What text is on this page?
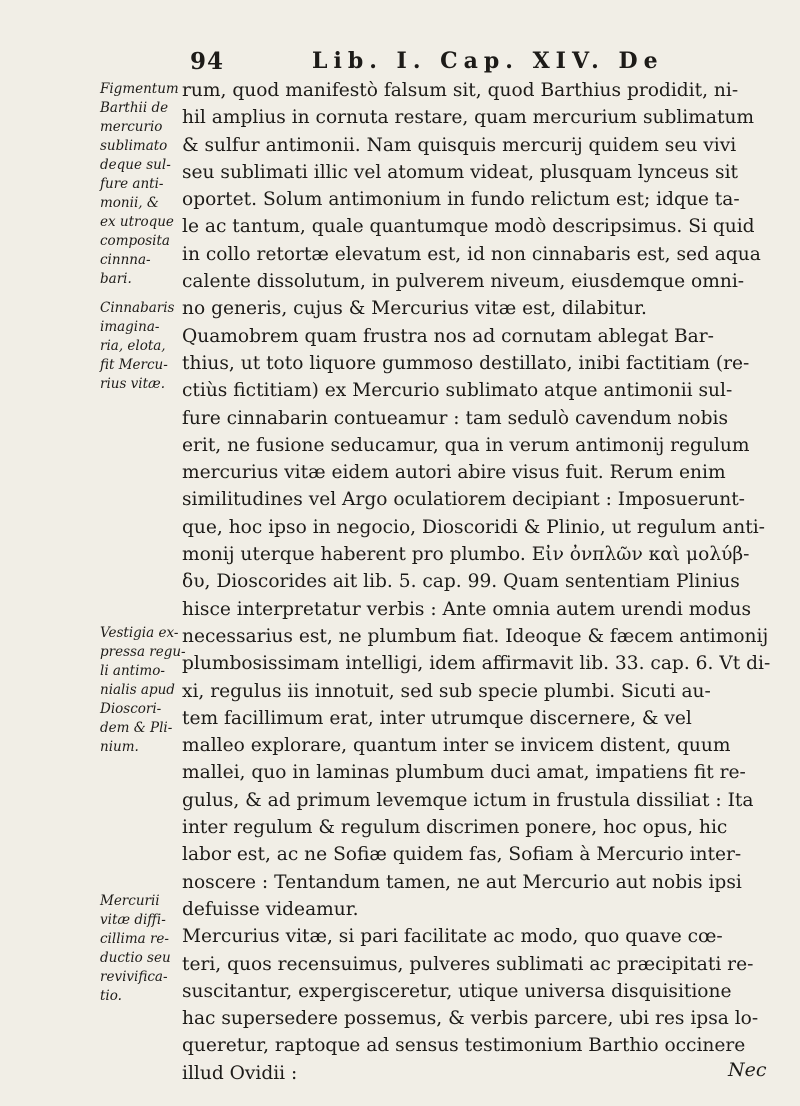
94	Lib. I. Cap. XIV. De
Figmentum
Barthii de
mercurio
sublimato
deque sul-
fure anti-
monii, &
ex utroque
composita
cinnna-
bari.
Cinnabaris
imagina-
ria, elota,
fit Mercu-
rius vitæ.
Vestigia ex-
pressa regu-
li antimo-
nialis apud
Dioscori-
dem & Pli-
nium.
Mercurii
vitæ diffi-
cillima re-
ductio seu
revivifica-
tio.
rum, quod manifestò falsum sit, quod Barthius prodidit, ni-
hil amplius in cornuta restare, quam mercurium sublimatum
& sulfur antimonii. Nam quisquis mercurij quidem seu vivi
seu sublimati illic vel atomum videat, plusquam lynceus sit
oportet. Solum antimonium in fundo relictum est; idque ta-
le ac tantum, quale quantumque modò descripsimus. Si quid
in collo retortæ elevatum est, id non cinnabaris est, sed aqua
calente dissolutum, in pulverem niveum, eiusdemque omni-
no generis, cujus & Mercurius vitæ est, dilabitur.
Quamobrem quam frustra nos ad cornutam ablegat Bar-
thius, ut toto liquore gummoso destillato, inibi factitiam (re-
ctiùs fictitiam) ex Mercurio sublimato atque antimonii sul-
fure cinnabarin contueamur : tam sedulò cavendum nobis
erit, ne fusione seducamur, qua in verum antimonij regulum
mercurius vitæ eidem autori abire visus fuit. Rerum enim
similitudines vel Argo oculatiorem decipiant : Imposuerunt-
que, hoc ipso in negocio, Dioscoridi & Plinio, ut regulum anti-
monij uterque haberent pro plumbo. Εἰν ὀνπλῶν καὶ μολύβ-
δυ, Dioscorides ait lib. 5. cap. 99. Quam sententiam Plinius
hisce interpretatur verbis : Ante omnia autem urendi modus
necessarius est, ne plumbum fiat. Ideoque & fæcem antimonij
plumbosissimam intelligi, idem affirmavit lib. 33. cap. 6. Vt di-
xi, regulus iis innotuit, sed sub specie plumbi. Sicuti au-
tem facillimum erat, inter utrumque discernere, & vel
malleo explorare, quantum inter se invicem distent, quum
mallei, quo in laminas plumbum duci amat, impatiens fit re-
gulus, & ad primum levemque ictum in frustula dissiliat : Ita
inter regulum & regulum discrimen ponere, hoc opus, hic
labor est, ac ne Sofiæ quidem fas, Sofiam à Mercurio inter-
noscere : Tentandum tamen, ne aut Mercurio aut nobis ipsi
defuisse videamur.
Mercurius vitæ, si pari facilitate ac modo, quo quave cœ-
teri, quos recensuimus, pulveres sublimati ac præcipitati re-
suscitantur, expergisceretur, utique universa disquisitione
hac supersedere possemus, & verbis parcere, ubi res ipsa lo-
queretur, raptoque ad sensus testimonium Barthio occinere
illud Ovidii :	Nec
